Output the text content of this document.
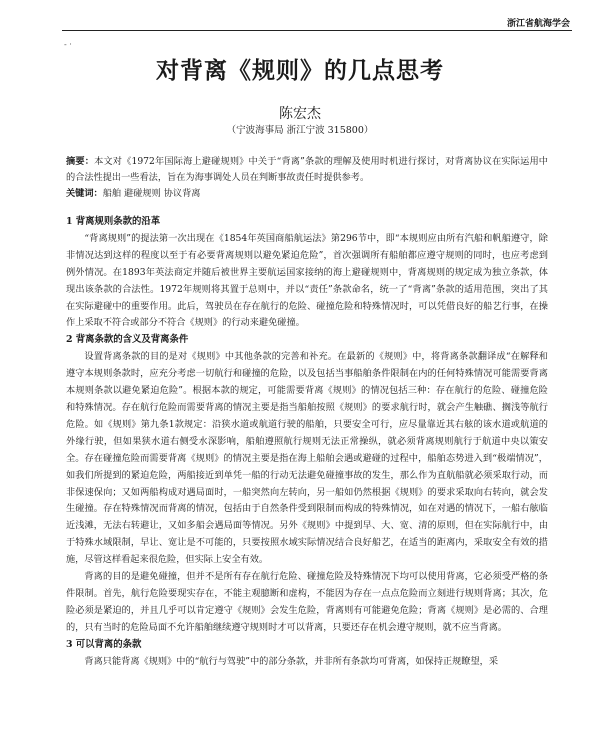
浙江省航海学会
- ·
对背离《规则》的几点思考
陈宏杰
（宁波海事局 浙江宁波 315800）
摘要：本文对《1972年国际海上避碰规则》中关于“背离”条款的理解及使用时机进行探讨，对背离协议在实际运用中的合法性提出一些看法，旨在为海事调处人员在判断事故责任时提供参考。
关键词：船舶 避碰规则 协议背离
1 背离规则条款的沿革

“背离规则”的提法第一次出现在《1854年英国商船航运法》第296节中，即“本规则应由所有汽船和帆船遵守，除非情况达到这样的程度以至于有必要背离规则以避免紧迫危险”，首次强调所有船舶都应遵守规则的同时，也应考虑到例外情况。在1893年英法商定并随后被世界主要航运国家接纳的海上避碰规则中，背离规则的规定成为独立条款，体现出该条款的合法性。1972年规则将其置于总则中，并以“责任”条款命名，统一了“背离”条款的适用范围，突出了其在实际避碰中的重要作用。此后，驾驶员在存在航行的危险、碰撞危险和特殊情况时，可以凭借良好的船艺行事，在操作上采取不符合或部分不符合《规则》的行动来避免碰撞。

2 背离条款的含义及背离条件

设置背离条款的目的是对《规则》中其他条款的完善和补充。在最新的《规则》中，将背离条款翻译成“在解释和遵守本规则条款时，应充分考虑一切航行和碰撞的危险，以及包括当事船舶条件限制在内的任何特殊情况可能需要背离本规则条款以避免紧迫危险”。根据本款的规定，可能需要背离《规则》的情况包括三种：存在航行的危险、碰撞危险和特殊情况。存在航行危险而需要背离的情况主要是指当船舶按照《规则》的要求航行时，就会产生触礁、搁浅等航行危险。如《规则》第九条1款规定：沿狭水道或航道行驶的船舶，只要安全可行，应尽量靠近其右舷的该水道或航道的外缘行驶，但如果狭水道右侧受水深影响，船舶遵照航行规则无法正常操纵，就必须背离规则航行于航道中央以策安全。存在碰撞危险而需要背离《规则》的情况主要是指在海上船舶会遇或避碰的过程中，船舶态势进入到“极端情况”，如我们所提到的紧迫危险，两船接近到单凭一船的行动无法避免碰撞事故的发生，那么作为直航船就必须采取行动，而非保速保向；又如两船构成对遇局面时，一船突然向左转向，另一船如仍然根据《规则》的要求采取向右转向，就会发生碰撞。存在特殊情况而背离的情况，包括由于自然条件受到限制而构成的特殊情况，如在对遇的情况下，一船右舷临近浅滩，无法右转避让，又如多船会遇局面等情况。另外《规则》中提到早、大、宽、清的原则，但在实际航行中，由于特殊水域限制，早让、宽让是不可能的，只要按照水域实际情况结合良好船艺，在适当的距离内，采取安全有效的措施，尽管这样看起来很危险，但实际上安全有效。

背离的目的是避免碰撞，但并不是所有存在航行危险、碰撞危险及特殊情况下均可以使用背离，它必须受严格的条件限制。首先，航行危险要现实存在，不能主观臆断和虚构，不能因为存在一点点危险而立刻进行规则背离；其次，危险必须是紧迫的，并且几乎可以肯定遵守《规则》会发生危险，背离则有可能避免危险；背离《规则》是必需的、合理的，只有当时的危险局面不允许船舶继续遵守规则时才可以背离，只要还存在机会遵守规则，就不应当背离。

3 可以背离的条款

背离只能背离《规则》中的“航行与驾驶”中的部分条款，并非所有条款均可背离，如保持正规瞭望，采
